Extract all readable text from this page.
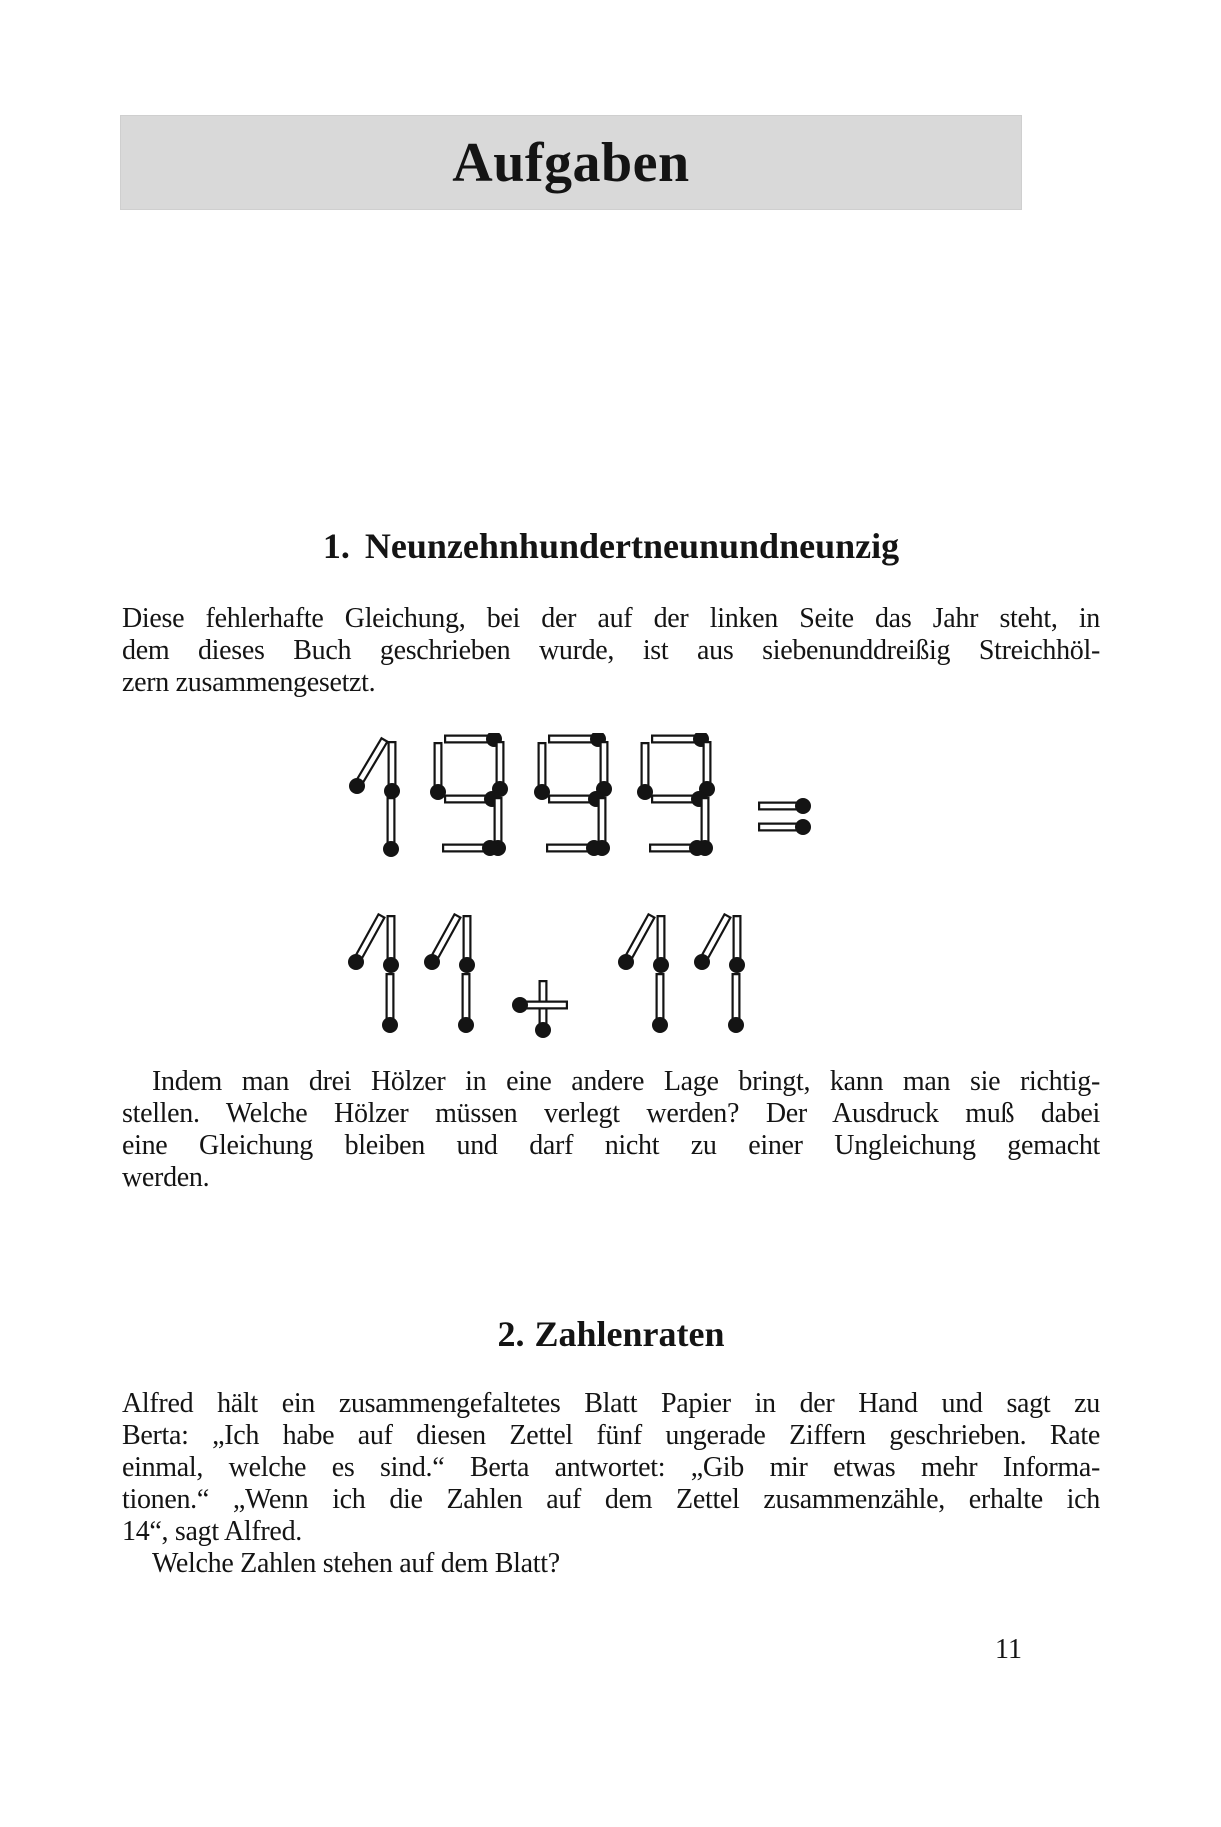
Aufgaben
1. Neunzehnhundertneunundneunzig
Diese fehlerhafte Gleichung, bei der auf der linken Seite das Jahr steht, in
dem dieses Buch geschrieben wurde, ist aus siebenunddreißig Streichhöl-
zern zusammengesetzt.
Indem man drei Hölzer in eine andere Lage bringt, kann man sie richtig-
stellen. Welche Hölzer müssen verlegt werden? Der Ausdruck muß dabei
eine Gleichung bleiben und darf nicht zu einer Ungleichung gemacht
werden.
2. Zahlenraten
Alfred hält ein zusammengefaltetes Blatt Papier in der Hand und sagt zu
Berta: „Ich habe auf diesen Zettel fünf ungerade Ziffern geschrieben. Rate
einmal, welche es sind.“ Berta antwortet: „Gib mir etwas mehr Informa-
tionen.“ „Wenn ich die Zahlen auf dem Zettel zusammenzähle, erhalte ich
14“, sagt Alfred.
Welche Zahlen stehen auf dem Blatt?
11
